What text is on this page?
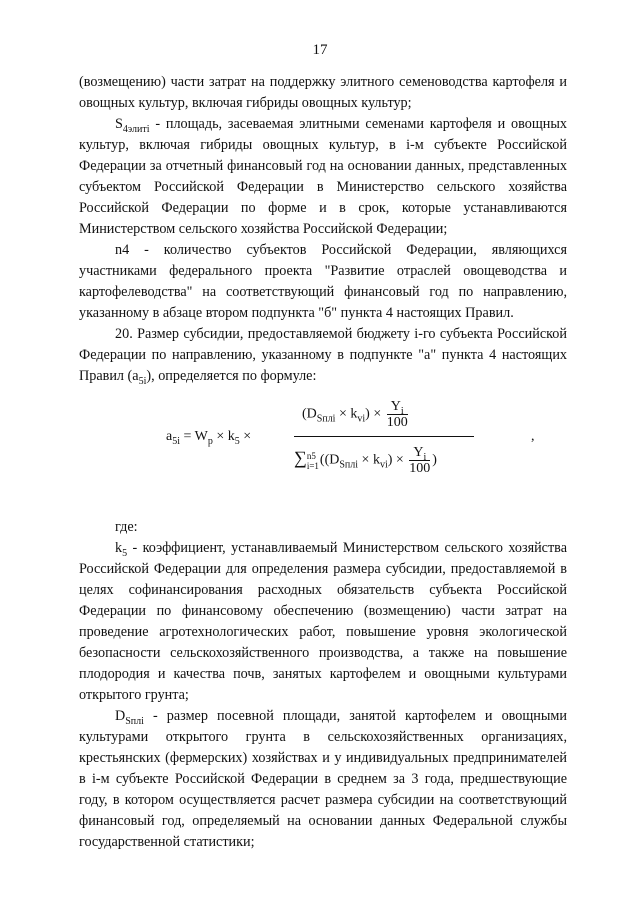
17

(возмещению) части затрат на поддержку элитного семеноводства картофеля и овощных культур, включая гибриды овощных культур;

$S_{4элитi}$ - площадь, засеваемая элитными семенами картофеля и овощных культур, включая гибриды овощных культур, в i-м субъекте Российской Федерации за отчетный финансовый год на основании данных, представленных субъектом Российской Федерации в Министерство сельского хозяйства Российской Федерации по форме и в срок, которые устанавливаются Министерством сельского хозяйства Российской Федерации;

n4 - количество субъектов Российской Федерации, являющихся участниками федерального проекта "Развитие отраслей овощеводства и картофелеводства" на соответствующий финансовый год по направлению, указанному в абзаце втором подпункта "б" пункта 4 настоящих Правил.

20. Размер субсидии, предоставляемой бюджету i-го субъекта Российской Федерации по направлению, указанному в подпункте "а" пункта 4 настоящих Правил $(a_{5i})$, определяется по формуле:

$a_{5i} = W_p \times k_5$ ×
$(D_{Sплi} \times k_{vi}) \times \frac{Y_i}{100}$
∑ n5
i=1 ($(D_{Sплi} \times k_{vi}) \times \frac{Y_i}{100}$ )
,

где:

$k_5$ - коэффициент, устанавливаемый Министерством сельского хозяйства Российской Федерации для определения размера субсидии, предоставляемой в целях софинансирования расходных обязательств субъекта Российской Федерации по финансовому обеспечению (возмещению) части затрат на проведение агротехнологических работ, повышение уровня экологической безопасности сельскохозяйственного производства, а также на повышение плодородия и качества почв, занятых картофелем и овощными культурами открытого грунта;

$D_{Sплi}$ - размер посевной площади, занятой картофелем и овощными культурами открытого грунта в сельскохозяйственных организациях, крестьянских (фермерских) хозяйствах и у индивидуальных предпринимателей в i-м субъекте Российской Федерации в среднем за 3 года, предшествующие году, в котором осуществляется расчет размера субсидии на соответствующий финансовый год, определяемый на основании данных Федеральной службы государственной статистики;
